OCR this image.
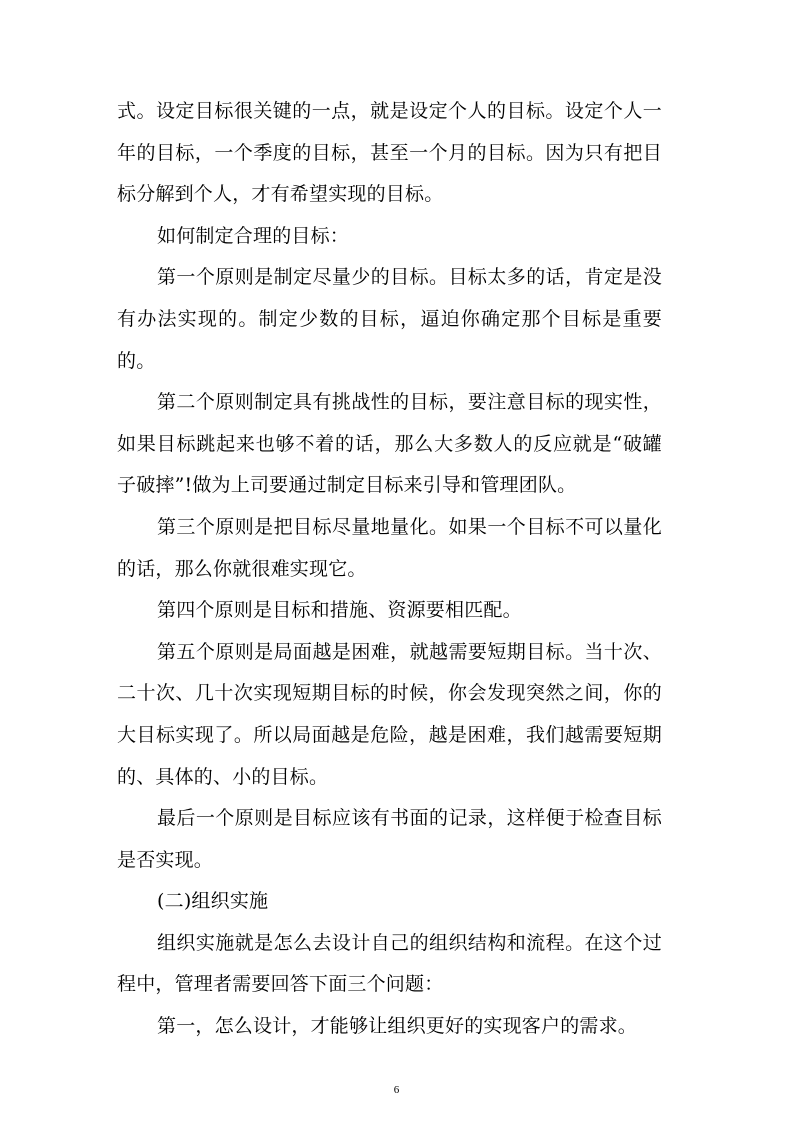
式。设定目标很关键的一点，就是设定个人的目标。设定个人一年的目标，一个季度的目标，甚至一个月的目标。因为只有把目标分解到个人，才有希望实现的目标。

如何制定合理的目标：

第一个原则是制定尽量少的目标。目标太多的话，肯定是没有办法实现的。制定少数的目标，逼迫你确定那个目标是重要的。

第二个原则制定具有挑战性的目标，要注意目标的现实性，如果目标跳起来也够不着的话，那么大多数人的反应就是“破罐子破摔”!做为上司要通过制定目标来引导和管理团队。

第三个原则是把目标尽量地量化。如果一个目标不可以量化的话，那么你就很难实现它。

第四个原则是目标和措施、资源要相匹配。

第五个原则是局面越是困难，就越需要短期目标。当十次、二十次、几十次实现短期目标的时候，你会发现突然之间，你的大目标实现了。所以局面越是危险，越是困难，我们越需要短期的、具体的、小的目标。

最后一个原则是目标应该有书面的记录，这样便于检查目标是否实现。

(二)组织实施

组织实施就是怎么去设计自己的组织结构和流程。在这个过程中，管理者需要回答下面三个问题：

第一，怎么设计，才能够让组织更好的实现客户的需求。

6
